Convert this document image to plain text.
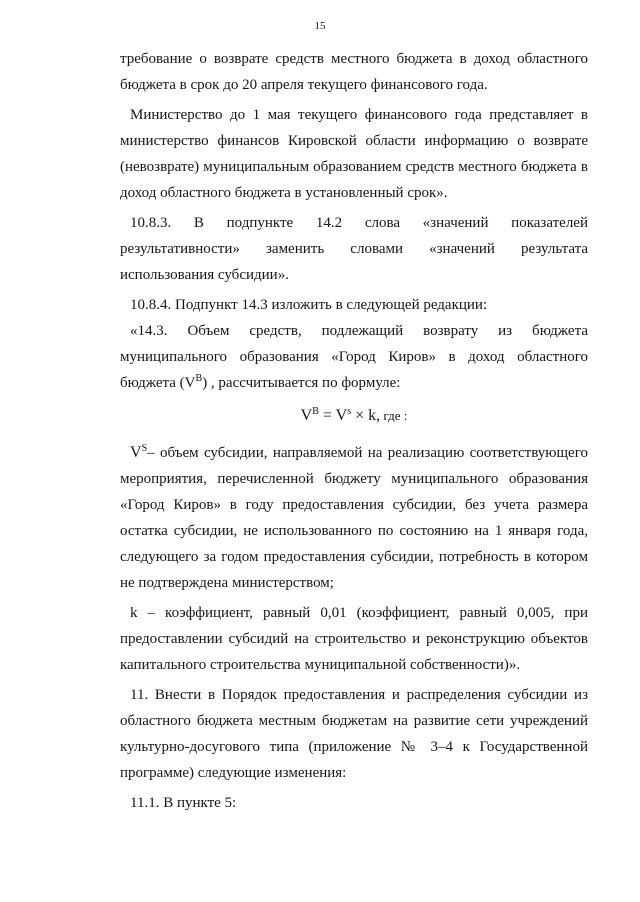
15

требование о возврате средств местного бюджета в доход областного бюджета в срок до 20 апреля текущего финансового года.

Министерство до 1 мая текущего финансового года представляет в министерство финансов Кировской области информацию о возврате (невозврате) муниципальным образованием средств местного бюджета в доход областного бюджета в установленный срок».

10.8.3. В подпункте 14.2 слова «значений показателей результативности» заменить словами «значений результата использования субсидии».

10.8.4. Подпункт 14.3 изложить в следующей редакции:

«14.3. Объем средств, подлежащий возврату из бюджета муниципального образования «Город Киров» в доход областного бюджета $(V^B)$ , рассчитывается по формуле:

$V^B = V^s \times k$, где :

$V^S-$ объем субсидии, направляемой на реализацию соответствующего мероприятия, перечисленной бюджету муниципального образования «Город Киров» в году предоставления субсидии, без учета размера остатка субсидии, не использованного по состоянию на 1 января года, следующего за годом предоставления субсидии, потребность в котором не подтверждена министерством;

k – коэффициент, равный 0,01 (коэффициент, равный 0,005, при предоставлении субсидий на строительство и реконструкцию объектов капитального строительства муниципальной собственности)».

11. Внести в Порядок предоставления и распределения субсидии из областного бюджета местным бюджетам на развитие сети учреждений культурно-досугового типа (приложение № 3–4 к Государственной программе) следующие изменения:

11.1. В пункте 5:
